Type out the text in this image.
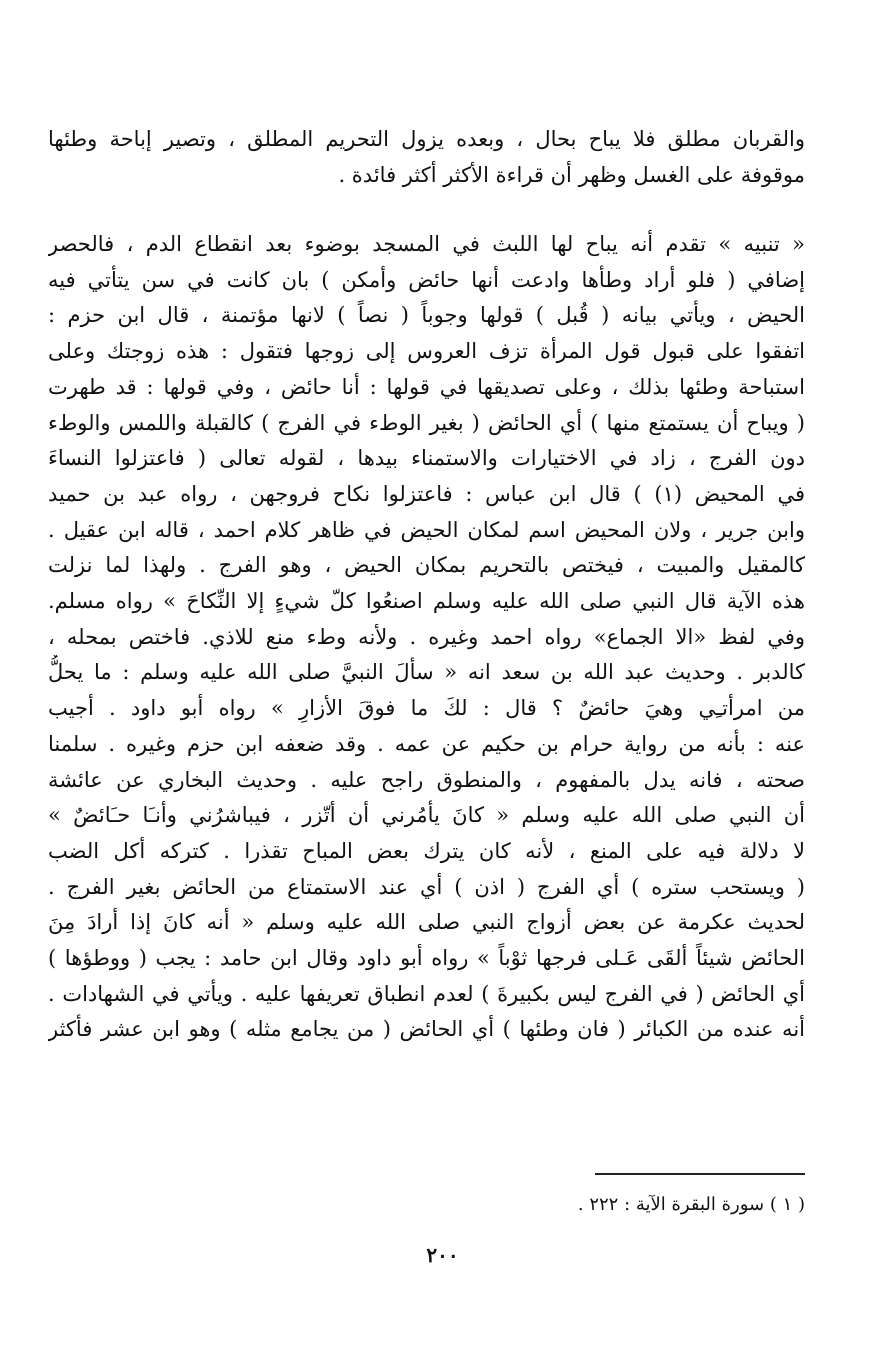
والقربان مطلق فلا يباح بحال ، وبعده يزول التحريم المطلق ، وتصير إباحة وطئها
موقوفة على الغسل وظهر أن قراءة الأكثر أكثر فائدة .
« تنبيه » تقدم أنه يباح لها اللبث في المسجد بوضوء بعد انقطاع الدم ، فالحصر
إضافي ( فلو أراد وطأها وادعت أنها حائض وأمكن ) بان كانت في سن يتأتي فيه
الحيض ، ويأتي بيانه ( قُبل ) قولها وجوباً ( نصاً ) لانها مؤتمنة ، قال ابن حزم :
اتفقوا على قبول قول المرأة تزف العروس إلى زوجها فتقول : هذه زوجتك وعلى
استباحة وطئها بذلك ، وعلى تصديقها في قولها : أنا حائض ، وفي قولها : قد طهرت
( ويباح أن يستمتع منها ) أي الحائض ( بغير الوطء في الفرج ) كالقبلة واللمس والوطء
دون الفرج ، زاد في الاختيارات والاستمناء بيدها ، لقوله تعالى ( فاعتزلوا النساءَ
في المحيض (١) ) قال ابن عباس : فاعتزلوا نكاح فروجهن ، رواه عبد بن حميد
وابن جرير ، ولان المحيض اسم لمكان الحيض في ظاهر كلام احمد ، قاله ابن عقيل .
كالمقيل والمبيت ، فيختص بالتحريم بمكان الحيض ، وهو الفرج . ولهذا لما نزلت
هذه الآية قال النبي صلى الله عليه وسلم اصنعُوا كلّ شيءٍ إلا النِّكاحَ » رواه مسلم.
وفي لفظ «الا الجماع» رواه احمد وغيره . ولأنه وطء منع للاذي. فاختص بمحله ،
كالدبر . وحديث عبد الله بن سعد انه « سألَ النبيَّ صلى الله عليه وسلم : ما يحلُّ
من امرأتـِي وهيَ حائضٌ ؟ قال : لكَ ما فوقَ الأزارِ » رواه أبو داود . أجيب
عنه : بأنه من رواية حرام بن حكيم عن عمه . وقد ضعفه ابن حزم وغيره . سلمنا
صحته ، فانه يدل بالمفهوم ، والمنطوق راجح عليه . وحديث البخاري عن عائشة
أن النبي صلى الله عليه وسلم « كانَ يأمُرني أن أتّزر ، فيباشرُني وأنـَا حـَائضٌ »
لا دلالة فيه على المنع ، لأنه كان يترك بعض المباح تقذرا . كتركه أكل الضب
( ويستحب ستره ) أي الفرج ( اذن ) أي عند الاستمتاع من الحائض بغير الفرج .
لحديث عكرمة عن بعض أزواج النبي صلى الله عليه وسلم « أنه كانَ إذا أرادَ مِنَ
الحائض شيئاً ألقَى عَـلى فرجها ثوْباً » رواه أبو داود وقال ابن حامد : يجب ( ووطؤها )
أي الحائض ( في الفرج ليس بكبيرةَ ) لعدم انطباق تعريفها عليه . ويأتي في الشهادات .
أنه عنده من الكبائر ( فان وطئها ) أي الحائض ( من يجامع مثله ) وهو ابن عشر فأكثر
( ١ ) سورة البقرة الآية : ٢٢٢ .
٢٠٠
